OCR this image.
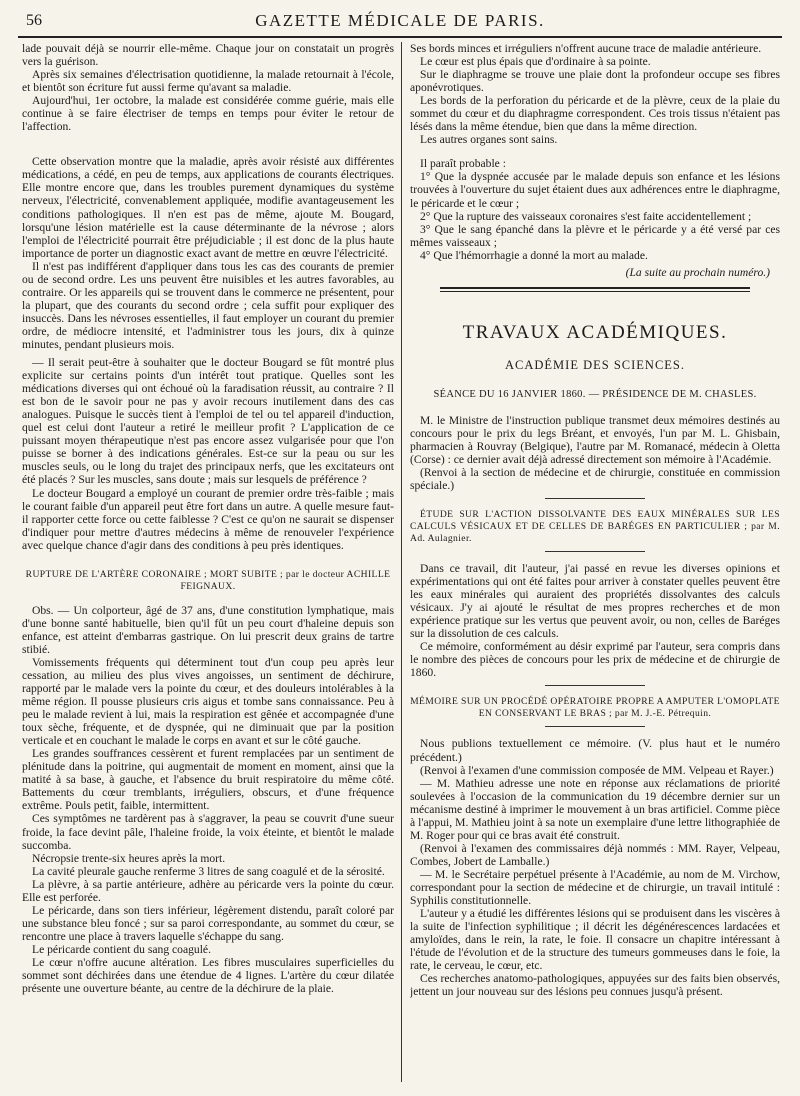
56	GAZETTE MÉDICALE DE PARIS.

lade pouvait déjà se nourrir elle-même. Chaque jour on constatait un progrès vers la guérison.

Après six semaines d'électrisation quotidienne, la malade retournait à l'école, et bientôt son écriture fut aussi ferme qu'avant sa maladie.

Aujourd'hui, 1er octobre, la malade est considérée comme guérie, mais elle continue à se faire électriser de temps en temps pour éviter le retour de l'affection.

Cette observation montre que la maladie, après avoir résisté aux différentes médications, a cédé, en peu de temps, aux applications de courants électriques. Elle montre encore que, dans les troubles purement dynamiques du système nerveux, l'électricité, convenablement appliquée, modifie avantageusement les conditions pathologiques. Il n'en est pas de même, ajoute M. Bougard, lorsqu'une lésion matérielle est la cause déterminante de la névrose ; alors l'emploi de l'électricité pourrait être préjudiciable ; il est donc de la plus haute importance de porter un diagnostic exact avant de mettre en œuvre l'électricité.

Il n'est pas indifférent d'appliquer dans tous les cas des courants de premier ou de second ordre. Les uns peuvent être nuisibles et les autres favorables, au contraire. Or les appareils qui se trouvent dans le commerce ne présentent, pour la plupart, que des courants du second ordre ; cela suffit pour expliquer des insuccès. Dans les névroses essentielles, il faut employer un courant du premier ordre, de médiocre intensité, et l'administrer tous les jours, dix à quinze minutes, pendant plusieurs mois.

— Il serait peut-être à souhaiter que le docteur Bougard se fût montré plus explicite sur certains points d'un intérêt tout pratique. Quelles sont les médications diverses qui ont échoué où la faradisation réussit, au contraire ? Il est bon de le savoir pour ne pas y avoir recours inutilement dans des cas analogues. Puisque le succès tient à l'emploi de tel ou tel appareil d'induction, quel est celui dont l'auteur a retiré le meilleur profit ? L'application de ce puissant moyen thérapeutique n'est pas encore assez vulgarisée pour que l'on puisse se borner à des indications générales. Est-ce sur la peau ou sur les muscles seuls, ou le long du trajet des principaux nerfs, que les excitateurs ont été placés ? Sur les muscles, sans doute ; mais sur lesquels de préférence ?

Le docteur Bougard a employé un courant de premier ordre très-faible ; mais le courant faible d'un appareil peut être fort dans un autre. A quelle mesure faut-il rapporter cette force ou cette faiblesse ? C'est ce qu'on ne saurait se dispenser d'indiquer pour mettre d'autres médecins à même de renouveler l'expérience avec quelque chance d'agir dans des conditions à peu près identiques.

RUPTURE DE L'ARTÈRE CORONAIRE ; MORT SUBITE ; par le docteur ACHILLE FEIGNAUX.

Obs. — Un colporteur, âgé de 37 ans, d'une constitution lymphatique, mais d'une bonne santé habituelle, bien qu'il fût un peu court d'haleine depuis son enfance, est atteint d'embarras gastrique. On lui prescrit deux grains de tartre stibié.

Vomissements fréquents qui déterminent tout d'un coup peu après leur cessation, au milieu des plus vives angoisses, un sentiment de déchirure, rapporté par le malade vers la pointe du cœur, et des douleurs intolérables à la même région. Il pousse plusieurs cris aigus et tombe sans connaissance. Peu à peu le malade revient à lui, mais la respiration est gênée et accompagnée d'une toux sèche, fréquente, et de dyspnée, qui ne diminuait que par la position verticale et en couchant le malade le corps en avant et sur le côté gauche.

Les grandes souffrances cessèrent et furent remplacées par un sentiment de plénitude dans la poitrine, qui augmentait de moment en moment, ainsi que la matité à sa base, à gauche, et l'absence du bruit respiratoire du même côté. Battements du cœur tremblants, irréguliers, obscurs, et d'une fréquence extrême. Pouls petit, faible, intermittent.

Ces symptômes ne tardèrent pas à s'aggraver, la peau se couvrit d'une sueur froide, la face devint pâle, l'haleine froide, la voix éteinte, et bientôt le malade succomba.

Nécropsie trente-six heures après la mort.

La cavité pleurale gauche renferme 3 litres de sang coagulé et de la sérosité.

La plèvre, à sa partie antérieure, adhère au péricarde vers la pointe du cœur. Elle est perforée.

Le péricarde, dans son tiers inférieur, légèrement distendu, paraît coloré par une substance bleu foncé ; sur sa paroi correspondante, au sommet du cœur, se rencontre une place à travers laquelle s'échappe du sang.

Le péricarde contient du sang coagulé.

Le cœur n'offre aucune altération. Les fibres musculaires superficielles du sommet sont déchirées dans une étendue de 4 lignes. L'artère du cœur dilatée présente une ouverture béante, au centre de la déchirure de la plaie.

Ses bords minces et irréguliers n'offrent aucune trace de maladie antérieure.

Le cœur est plus épais que d'ordinaire à sa pointe.

Sur le diaphragme se trouve une plaie dont la profondeur occupe ses fibres aponévrotiques.

Les bords de la perforation du péricarde et de la plèvre, ceux de la plaie du sommet du cœur et du diaphragme correspondent. Ces trois tissus n'étaient pas lésés dans la même étendue, bien que dans la même direction.

Les autres organes sont sains.

Il paraît probable :

1° Que la dyspnée accusée par le malade depuis son enfance et les lésions trouvées à l'ouverture du sujet étaient dues aux adhérences entre le diaphragme, le péricarde et le cœur ;

2° Que la rupture des vaisseaux coronaires s'est faite accidentellement ;

3° Que le sang épanché dans la plèvre et le péricarde y a été versé par ces mêmes vaisseaux ;

4° Que l'hémorrhagie a donné la mort au malade.

(La suite au prochain numéro.)
TRAVAUX ACADÉMIQUES.
ACADÉMIE DES SCIENCES.
SÉANCE DU 16 JANVIER 1860. — PRÉSIDENCE DE M. CHASLES.

M. le Ministre de l'instruction publique transmet deux mémoires destinés au concours pour le prix du legs Bréant, et envoyés, l'un par M. L. Ghisbain, pharmacien à Rouvray (Belgique), l'autre par M. Romanacé, médecin à Oletta (Corse) : ce dernier avait déjà adressé directement son mémoire à l'Académie.

(Renvoi à la section de médecine et de chirurgie, constituée en commission spéciale.)

ÉTUDE SUR L'ACTION DISSOLVANTE DES EAUX MINÉRALES SUR LES CALCULS VÉSICAUX ET DE CELLES DE BARÉGES EN PARTICULIER ; par M. Ad. Aulagnier.

Dans ce travail, dit l'auteur, j'ai passé en revue les diverses opinions et expérimentations qui ont été faites pour arriver à constater quelles peuvent être les eaux minérales qui auraient des propriétés dissolvantes des calculs vésicaux. J'y ai ajouté le résultat de mes propres recherches et de mon expérience pratique sur les vertus que peuvent avoir, ou non, celles de Baréges sur la dissolution de ces calculs.

Ce mémoire, conformément au désir exprimé par l'auteur, sera compris dans le nombre des pièces de concours pour les prix de médecine et de chirurgie de 1860.

MÉMOIRE SUR UN PROCÉDÉ OPÉRATOIRE PROPRE A AMPUTER L'OMOPLATE EN CONSERVANT LE BRAS ; par M. J.-E. Pétrequin.

Nous publions textuellement ce mémoire. (V. plus haut et le numéro précédent.)

(Renvoi à l'examen d'une commission composée de MM. Velpeau et Rayer.)

— M. Mathieu adresse une note en réponse aux réclamations de priorité soulevées à l'occasion de la communication du 19 décembre dernier sur un mécanisme destiné à imprimer le mouvement à un bras artificiel. Comme pièce à l'appui, M. Mathieu joint à sa note un exemplaire d'une lettre lithographiée de M. Roger pour qui ce bras avait été construit.

(Renvoi à l'examen des commissaires déjà nommés : MM. Rayer, Velpeau, Combes, Jobert de Lamballe.)

— M. le Secrétaire perpétuel présente à l'Académie, au nom de M. Virchow, correspondant pour la section de médecine et de chirurgie, un travail intitulé : Syphilis constitutionnelle.

L'auteur y a étudié les différentes lésions qui se produisent dans les viscères à la suite de l'infection syphilitique ; il décrit les dégénérescences lardacées et amyloïdes, dans le rein, la rate, le foie. Il consacre un chapitre intéressant à l'étude de l'évolution et de la structure des tumeurs gommeuses dans le foie, la rate, le cerveau, le cœur, etc.

Ces recherches anatomo-pathologiques, appuyées sur des faits bien observés, jettent un jour nouveau sur des lésions peu connues jusqu'à présent.
